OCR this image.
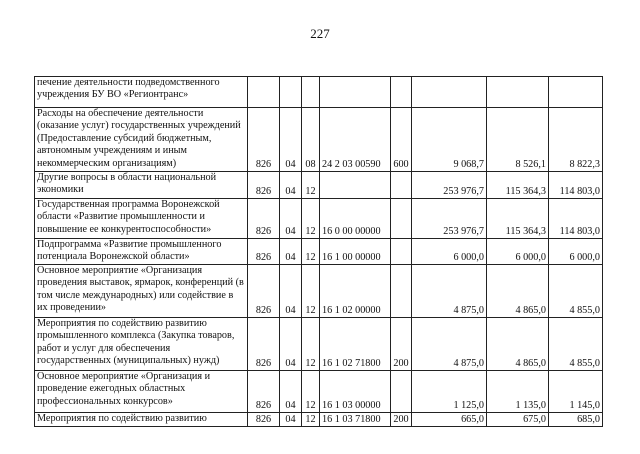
227
печение деятельности подведомственного учреждения БУ ВО «Регионтранс»								
Расходы на обеспечение деятельности (оказание услуг) государственных учреждений (Предоставление субсидий бюджетным, автономным учреждениям и иным некоммерческим организациям)	826	04	08	24 2 03 00590	600	9 068,7	8 526,1	8 822,3
Другие вопросы в области национальной экономики	826	04	12			253 976,7	115 364,3	114 803,0
Государственная программа Воронежской области «Развитие промышленности и повышение ее конкурентоспособности»	826	04	12	16 0 00 00000		253 976,7	115 364,3	114 803,0
Подпрограмма «Развитие промышленного потенциала Воронежской области»	826	04	12	16 1 00 00000		6 000,0	6 000,0	6 000,0
Основное мероприятие «Организация проведения выставок, ярмарок, конференций (в том числе международных) или содействие в их проведении»	826	04	12	16 1 02 00000		4 875,0	4 865,0	4 855,0
Мероприятия по содействию развитию промышленного комплекса (Закупка товаров, работ и услуг для обеспечения государственных (муниципальных) нужд)	826	04	12	16 1 02 71800	200	4 875,0	4 865,0	4 855,0
Основное мероприятие «Организация и проведение ежегодных областных профессиональных конкурсов»	826	04	12	16 1 03 00000		1 125,0	1 135,0	1 145,0
Мероприятия по содействию развитию	826	04	12	16 1 03 71800	200	665,0	675,0	685,0
